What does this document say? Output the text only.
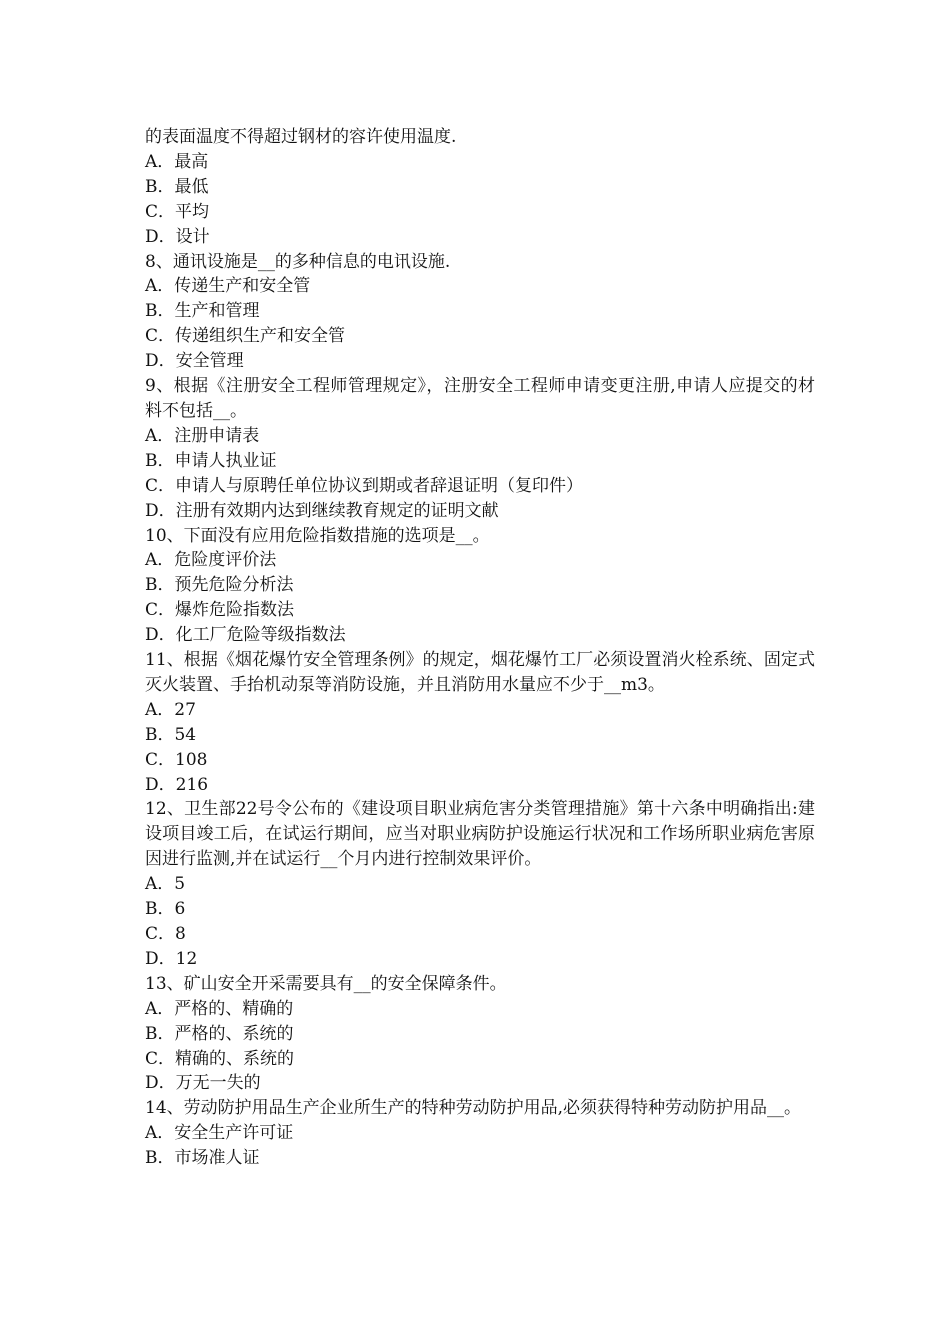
的表面温度不得超过钢材的容许使用温度.
A．最高
B．最低
C．平均
D．设计
8、通讯设施是__的多种信息的电讯设施.
A．传递生产和安全管
B．生产和管理
C．传递组织生产和安全管
D．安全管理
9、根据《注册安全工程师管理规定》，注册安全工程师申请变更注册,申请人应提交的材料不包括__。
A．注册申请表
B．申请人执业证
C．申请人与原聘任单位协议到期或者辞退证明（复印件）
D．注册有效期内达到继续教育规定的证明文献
10、下面没有应用危险指数措施的选项是__。
A．危险度评价法
B．预先危险分析法
C．爆炸危险指数法
D．化工厂危险等级指数法
11、根据《烟花爆竹安全管理条例》的规定，烟花爆竹工厂必须设置消火栓系统、固定式灭火装置、手抬机动泵等消防设施，并且消防用水量应不少于__m3。
A．27
B．54
C．108
D．216
12、卫生部22号令公布的《建设项目职业病危害分类管理措施》第十六条中明确指出:建设项目竣工后，在试运行期间，应当对职业病防护设施运行状况和工作场所职业病危害原因进行监测,并在试运行__个月内进行控制效果评价。
A．5
B．6
C．8
D．12
13、矿山安全开采需要具有__的安全保障条件。
A．严格的、精确的
B．严格的、系统的
C．精确的、系统的
D．万无一失的
14、劳动防护用品生产企业所生产的特种劳动防护用品,必须获得特种劳动防护用品__。
A．安全生产许可证
B．市场准人证
